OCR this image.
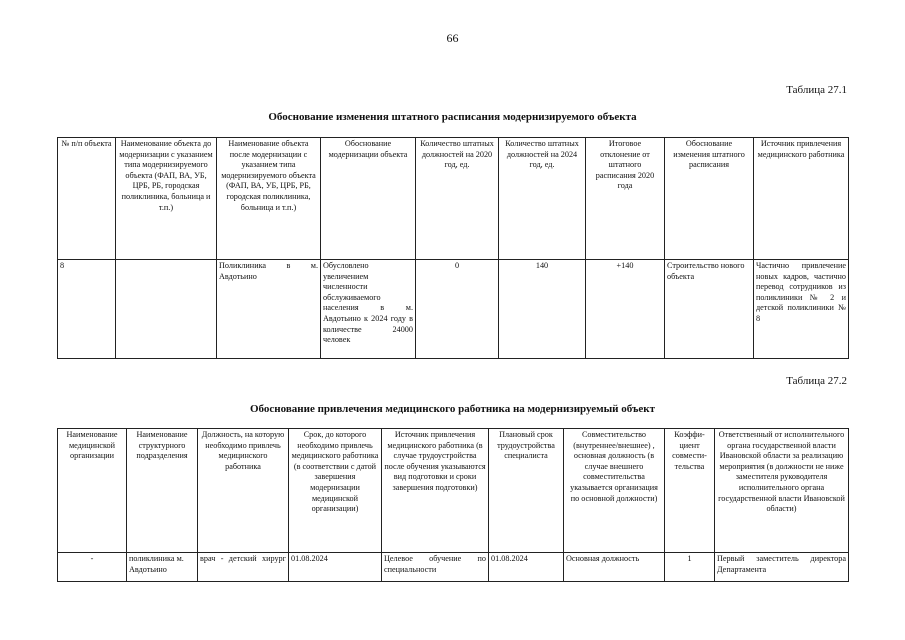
66
Таблица 27.1
Обоснование изменения штатного расписания модернизируемого объекта
№ п/п объекта	Наименование объекта до модернизации с указанием типа модернизируемого объекта (ФАП, ВА, УБ, ЦРБ, РБ, городская поликлиника, больница и т.п.)	Наименование объекта после модернизации с указанием типа модернизируемого объекта (ФАП, ВА, УБ, ЦРБ, РБ, городская поликлиника, больница и т.п.)	Обоснование модернизации объекта	Количество штатных должностей на 2020 год, ед.	Количество штатных должностей на 2024 год, ед.	Итоговое отклонение от штатного расписания 2020 года	Обоснование изменения штатного расписания	Источник привлечения медицинского работника
8		Поликлиника в м. Авдотьино	Обусловлено увеличением численности обслуживаемого населения в м. Авдотьино к 2024 году в количестве 24000 человек	0	140	+140	Строительство нового объекта	Частично привлечение новых кадров, частично перевод сотрудников из поликлиники № 2 и детской поликлиники № 8
Таблица 27.2
Обоснование привлечения медицинского работника на модернизируемый объект
Наименование медицинской организации	Наименование структурного подразделения	Должность, на которую необходимо привлечь медицинского работника	Срок, до которого необходимо привлечь медицинского работника (в соответствии с датой завершения модернизации медицинской организации)	Источник привлечения медицинского работника (в случае трудоустройства после обучения указываются вид подготовки и сроки завершения подготовки)	Плановый срок трудоустройства специалиста	Совместительство (внутреннее/внешнее) , основная должность (в случае внешнего совместительства указывается организация по основной должности)	Коэффи-циент совмести-тельства	Ответственный от исполнительного органа государственной власти Ивановской области за реализацию мероприятия (в должности не ниже заместителя руководителя исполнительного органа государственной власти Ивановской области)
-	поликлиника м. Авдотьино	врач - детский хирург	01.08.2024	Целевое обучение по специальности	01.08.2024	Основная должность	1	Первый заместитель директора Департамента
